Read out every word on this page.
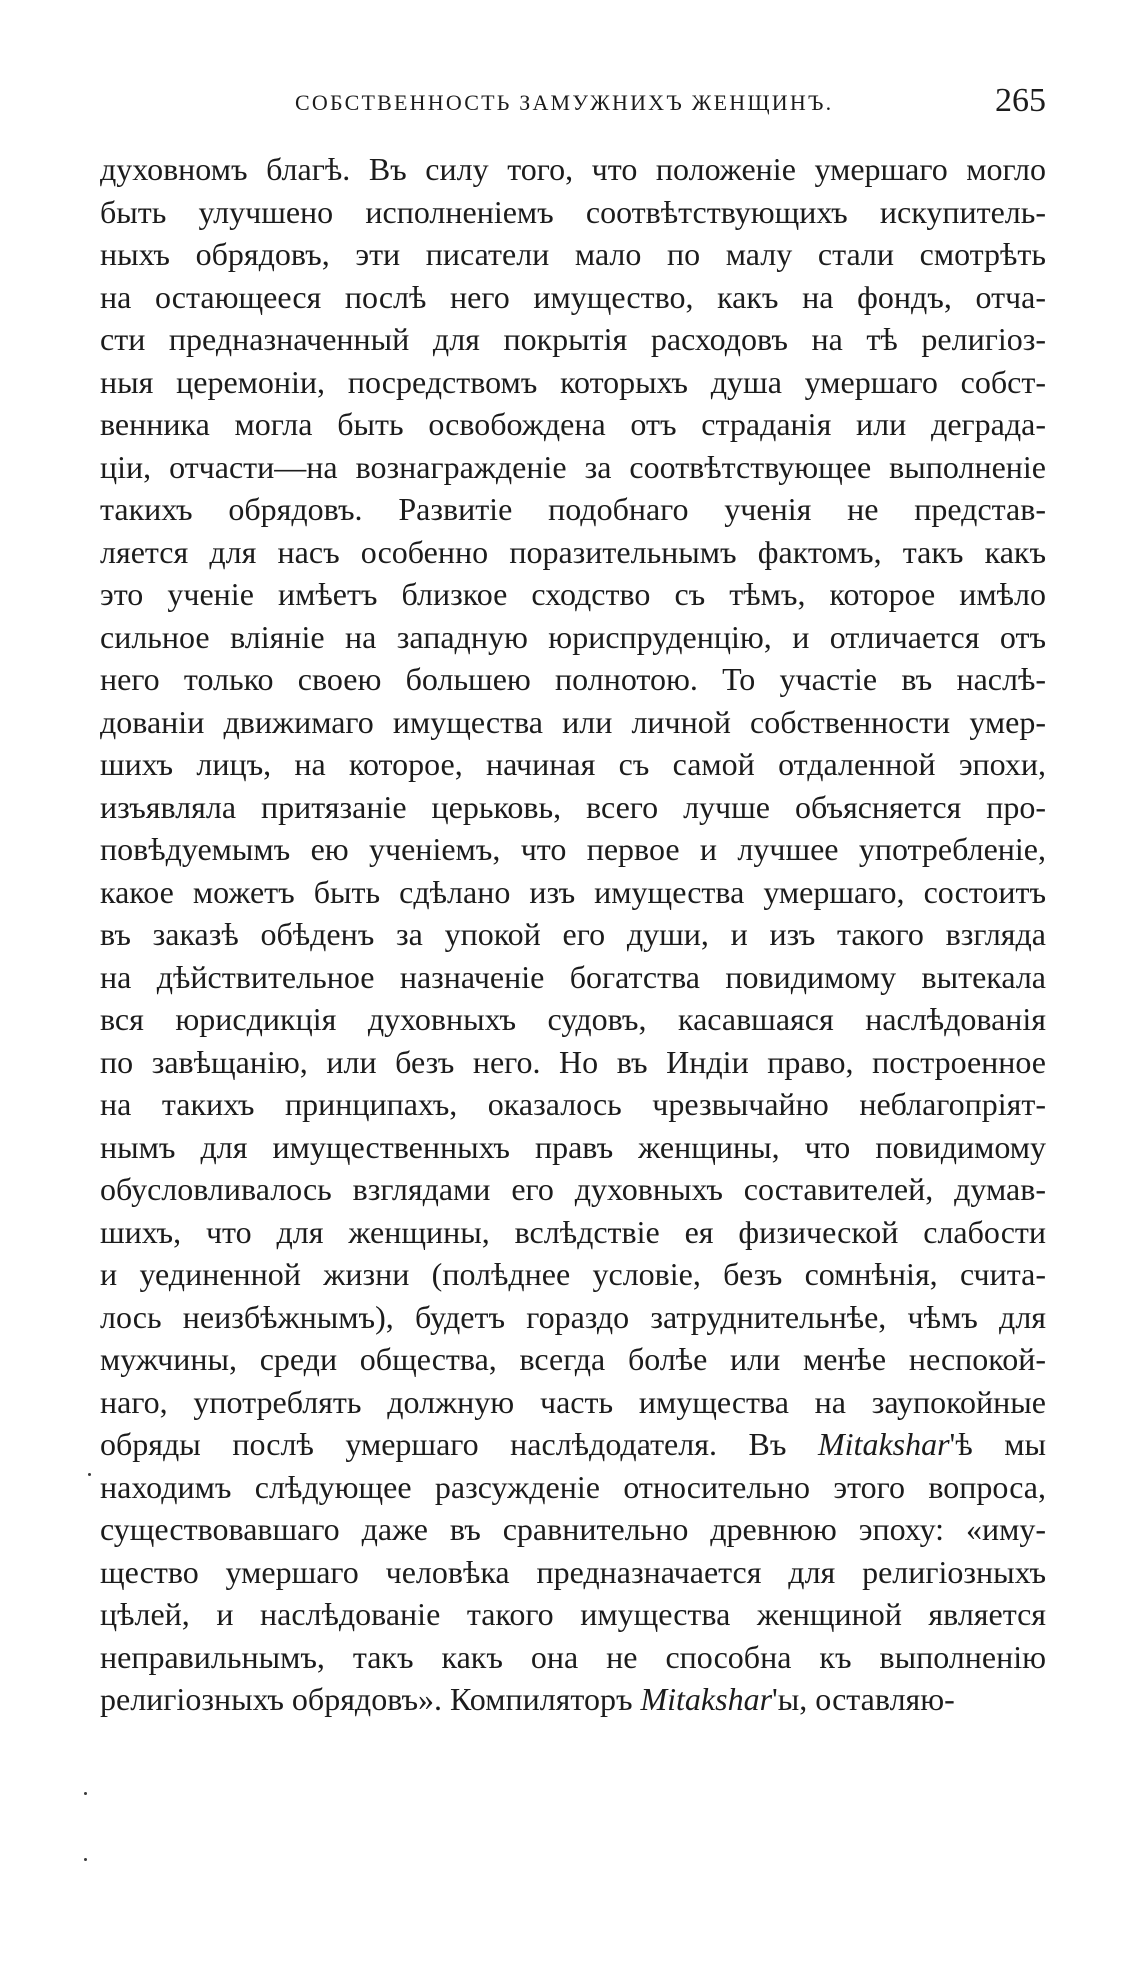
СОБСТВЕННОСТЬ ЗАМУЖНИХЪ ЖЕНЩИНЪ.	265
духовномъ благѣ. Въ силу того, что положеніе умершаго могло
быть улучшено исполненіемъ соотвѣтствующихъ искупитель-
ныхъ обрядовъ, эти писатели мало по малу стали смотрѣть
на остающееся послѣ него имущество, какъ на фондъ, отча-
сти предназначенный для покрытія расходовъ на тѣ религіоз-
ныя церемоніи, посредствомъ которыхъ душа умершаго собст-
венника могла быть освобождена отъ страданія или деграда-
ціи, отчасти—на вознагражденіе за соотвѣтствующее выполненіе
такихъ обрядовъ. Развитіе подобнаго ученія не представ-
ляется для насъ особенно поразительнымъ фактомъ, такъ какъ
это ученіе имѣетъ близкое сходство съ тѣмъ, которое имѣло
сильное вліяніе на западную юриспруденцію, и отличается отъ
него только своею большею полнотою. То участіе въ наслѣ-
дованіи движимаго имущества или личной собственности умер-
шихъ лицъ, на которое, начиная съ самой отдаленной эпохи,
изъявляла притязаніе церьковь, всего лучше объясняется про-
повѣдуемымъ ею ученіемъ, что первое и лучшее употребленіе,
какое можетъ быть сдѣлано изъ имущества умершаго, состоитъ
въ заказѣ обѣденъ за упокой его души, и изъ такого взгляда
на дѣйствительное назначеніе богатства повидимому вытекала
вся юрисдикція духовныхъ судовъ, касавшаяся наслѣдованія
по завѣщанію, или безъ него. Но въ Индіи право, построенное
на такихъ принципахъ, оказалось чрезвычайно неблагопріят-
нымъ для имущественныхъ правъ женщины, что повидимому
обусловливалось взглядами его духовныхъ составителей, думав-
шихъ, что для женщины, вслѣдствіе ея физической слабости
и уединенной жизни (полѣднее условіе, безъ сомнѣнія, счита-
лось неизбѣжнымъ), будетъ гораздо затруднительнѣе, чѣмъ для
мужчины, среди общества, всегда болѣе или менѣе неспокой-
наго, употреблять должную часть имущества на заупокойные
обряды послѣ умершаго наслѣдодателя. Въ Mitakshar'ѣ мы
находимъ слѣдующее разсужденіе относительно этого вопроса,
существовавшаго даже въ сравнительно древнюю эпоху: «иму-
щество умершаго человѣка предназначается для религіозныхъ
цѣлей, и наслѣдованіе такого имущества женщиной является
неправильнымъ, такъ какъ она не способна къ выполненію
религіозныхъ обрядовъ». Компиляторъ Mitakshar'ы, оставляю-
